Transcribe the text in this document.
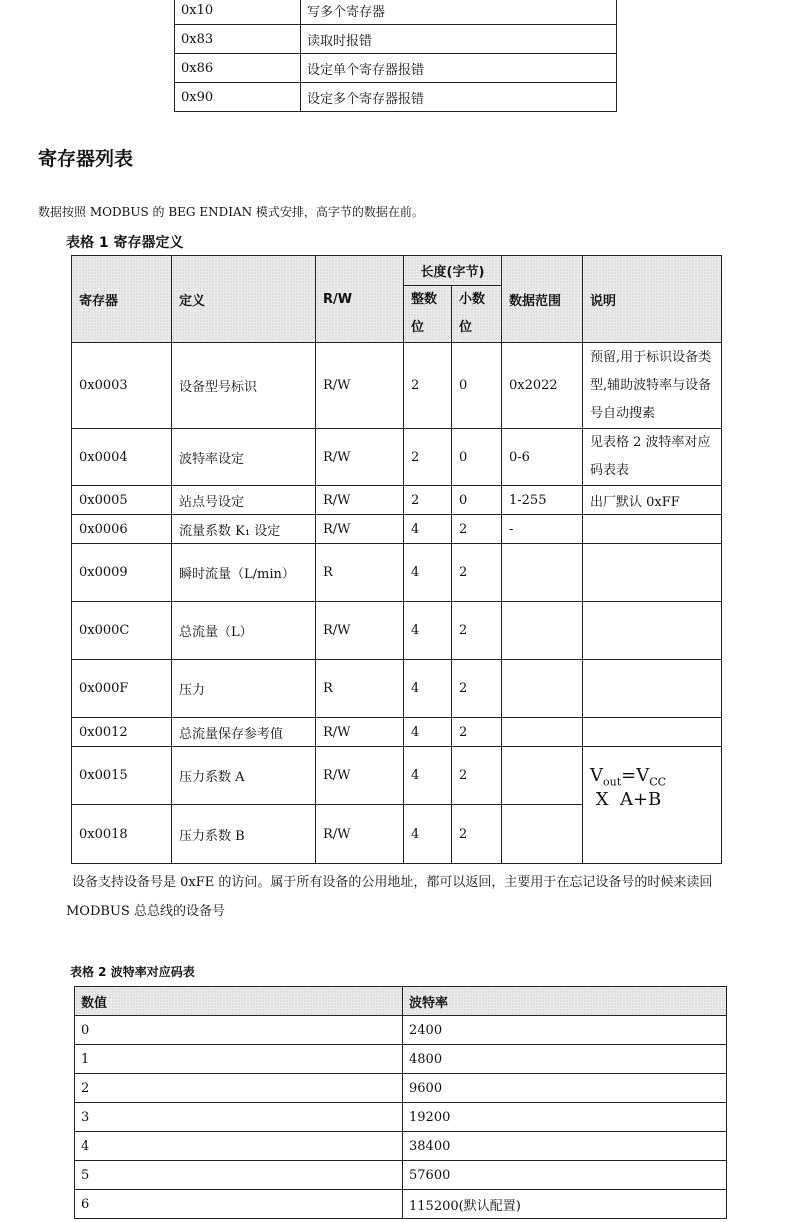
0x10	写多个寄存器
0x83	读取时报错
0x86	设定单个寄存器报错
0x90	设定多个寄存器报错
寄存器列表

数据按照 MODBUS 的 BEG ENDIAN 模式安排，高字节的数据在前。

表格 1 寄存器定义

寄存器	定义	R/W	长度(字节)		数据范围	说明
			整数位	小数位		
0x0003	设备型号标识	R/W	2	0	0x2022	预留,用于标识设备类型,辅助波特率与设备号自动搜素
0x0004	波特率设定	R/W	2	0	0-6	见表格 2 波特率对应码表表
0x0005	站点号设定	R/W	2	0	1-255	出厂默认 0xFF
0x0006	流量系数 K₁ 设定	R/W	4	2	-	
0x0009	瞬时流量（L/min）	R	4	2		
0x000C	总流量（L）	R/W	4	2		
0x000F	压力	R	4	2		
0x0012	总流量保存参考值	R/W	4	2		
0x0015	压力系数 A	R/W	4	2		$V_{out}=V_{CC}$ X  A+B
0x0018	压力系数 B	R/W	4	2		

设备支持设备号是 0xFE 的访问。属于所有设备的公用地址，都可以返回，主要用于在忘记设备号的时候来读回 MODBUS 总总线的设备号

表格 2 波特率对应码表

数值	波特率
0	2400
1	4800
2	9600
3	19200
4	38400
5	57600
6	115200(默认配置)
